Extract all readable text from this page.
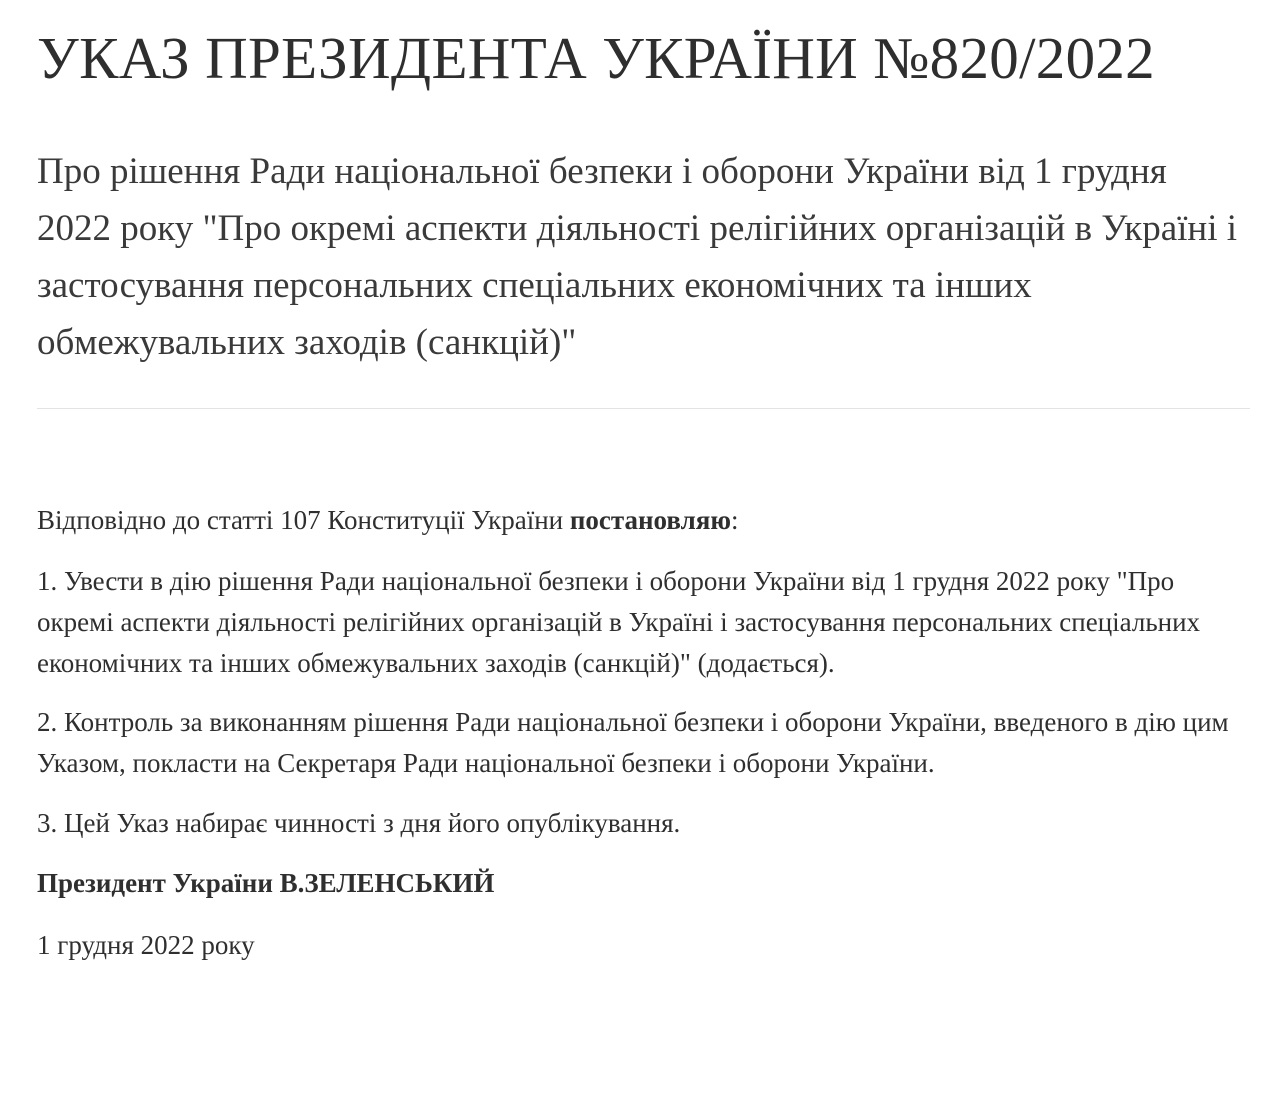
УКАЗ ПРЕЗИДЕНТА УКРАЇНИ №820/2022
Про рішення Ради національної безпеки і оборони України від 1 грудня 2022 року "Про окремі аспекти діяльності релігійних організацій в Україні і застосування персональних спеціальних економічних та інших обмежувальних заходів (санкцій)"

Відповідно до статті 107 Конституції України постановляю:

1. Увести в дію рішення Ради національної безпеки і оборони України від 1 грудня 2022 року "Про окремі аспекти діяльності релігійних організацій в Україні і застосування персональних спеціальних економічних та інших обмежувальних заходів (санкцій)" (додається).

2. Контроль за виконанням рішення Ради національної безпеки і оборони України, введеного в дію цим Указом, покласти на Секретаря Ради національної безпеки і оборони України.

3. Цей Указ набирає чинності з дня його опублікування.

Президент України В.ЗЕЛЕНСЬКИЙ

1 грудня 2022 року
